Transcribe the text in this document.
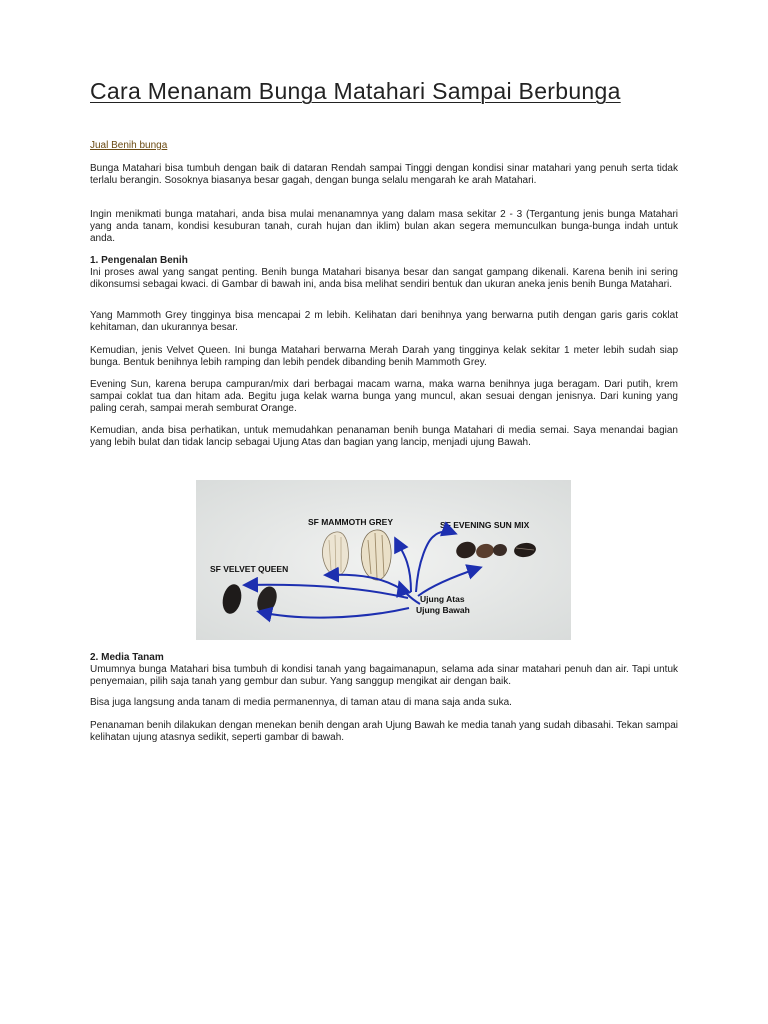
Cara Menanam Bunga Matahari Sampai Berbunga
Jual Benih bunga

Bunga Matahari bisa tumbuh dengan baik di dataran Rendah sampai Tinggi dengan kondisi sinar matahari yang penuh serta tidak terlalu berangin. Sosoknya biasanya besar gagah, dengan bunga selalu mengarah ke arah Matahari.

Ingin menikmati bunga matahari, anda bisa mulai menanamnya yang dalam masa sekitar 2 - 3 (Tergantung jenis bunga Matahari yang anda tanam, kondisi kesuburan tanah, curah hujan dan iklim) bulan akan segera memunculkan bunga-bunga indah untuk anda.

1. Pengenalan Benih
Ini proses awal yang sangat penting. Benih bunga Matahari bisanya besar dan sangat gampang dikenali. Karena benih ini sering dikonsumsi sebagai kwaci. di Gambar di bawah ini, anda bisa melihat sendiri bentuk dan ukuran aneka jenis benih Bunga Matahari.

Yang Mammoth Grey tingginya bisa mencapai 2 m lebih. Kelihatan dari benihnya yang berwarna putih dengan garis garis coklat kehitaman, dan ukurannya besar.

Kemudian, jenis Velvet Queen. Ini bunga Matahari berwarna Merah Darah yang tingginya kelak sekitar 1 meter lebih sudah siap bunga. Bentuk benihnya lebih ramping dan lebih pendek dibanding benih Mammoth Grey.

Evening Sun, karena berupa campuran/mix dari berbagai macam warna, maka warna benihnya juga beragam. Dari putih, krem sampai coklat tua dan hitam ada. Begitu juga kelak warna bunga yang muncul, akan sesuai dengan jenisnya. Dari kuning yang paling cerah, sampai merah semburat Orange.

Kemudian, anda bisa perhatikan, untuk memudahkan penanaman benih bunga Matahari di media semai. Saya menandai bagian yang lebih bulat dan tidak lancip sebagai Ujung Atas dan bagian yang lancip, menjadi ujung Bawah.

SF MAMMOTH GREY	SF EVENING SUN MIX
SF VELVET QUEEN
Ujung Atas
Ujung Bawah
2. Media Tanam
Umumnya bunga Matahari bisa tumbuh di kondisi tanah yang bagaimanapun, selama ada sinar matahari penuh dan air. Tapi untuk penyemaian, pilih saja tanah yang gembur dan subur. Yang sanggup mengikat air dengan baik.

Bisa juga langsung anda tanam di media permanennya, di taman atau di mana saja anda suka.

Penanaman benih dilakukan dengan menekan benih dengan arah Ujung Bawah ke media tanah yang sudah dibasahi. Tekan sampai kelihatan ujung atasnya sedikit, seperti gambar di bawah.
